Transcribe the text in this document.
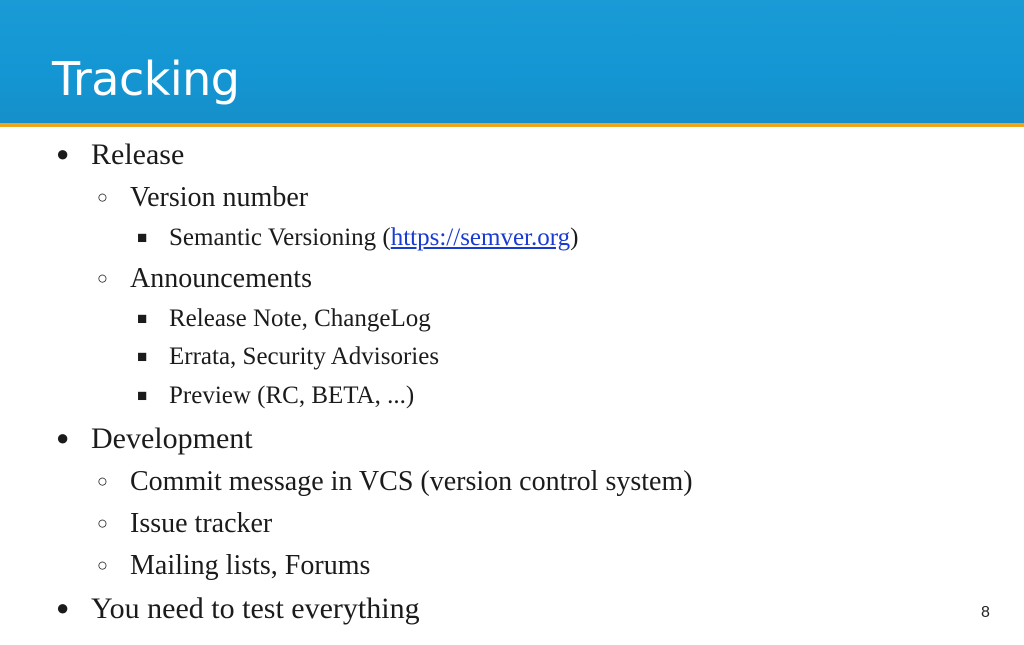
Tracking
● Release
○ Version number
■ Semantic Versioning (https://semver.org)
○ Announcements
■ Release Note, ChangeLog
■ Errata, Security Advisories
■ Preview (RC, BETA, ...)
● Development
○ Commit message in VCS (version control system)
○ Issue tracker
○ Mailing lists, Forums
● You need to test everything	8
